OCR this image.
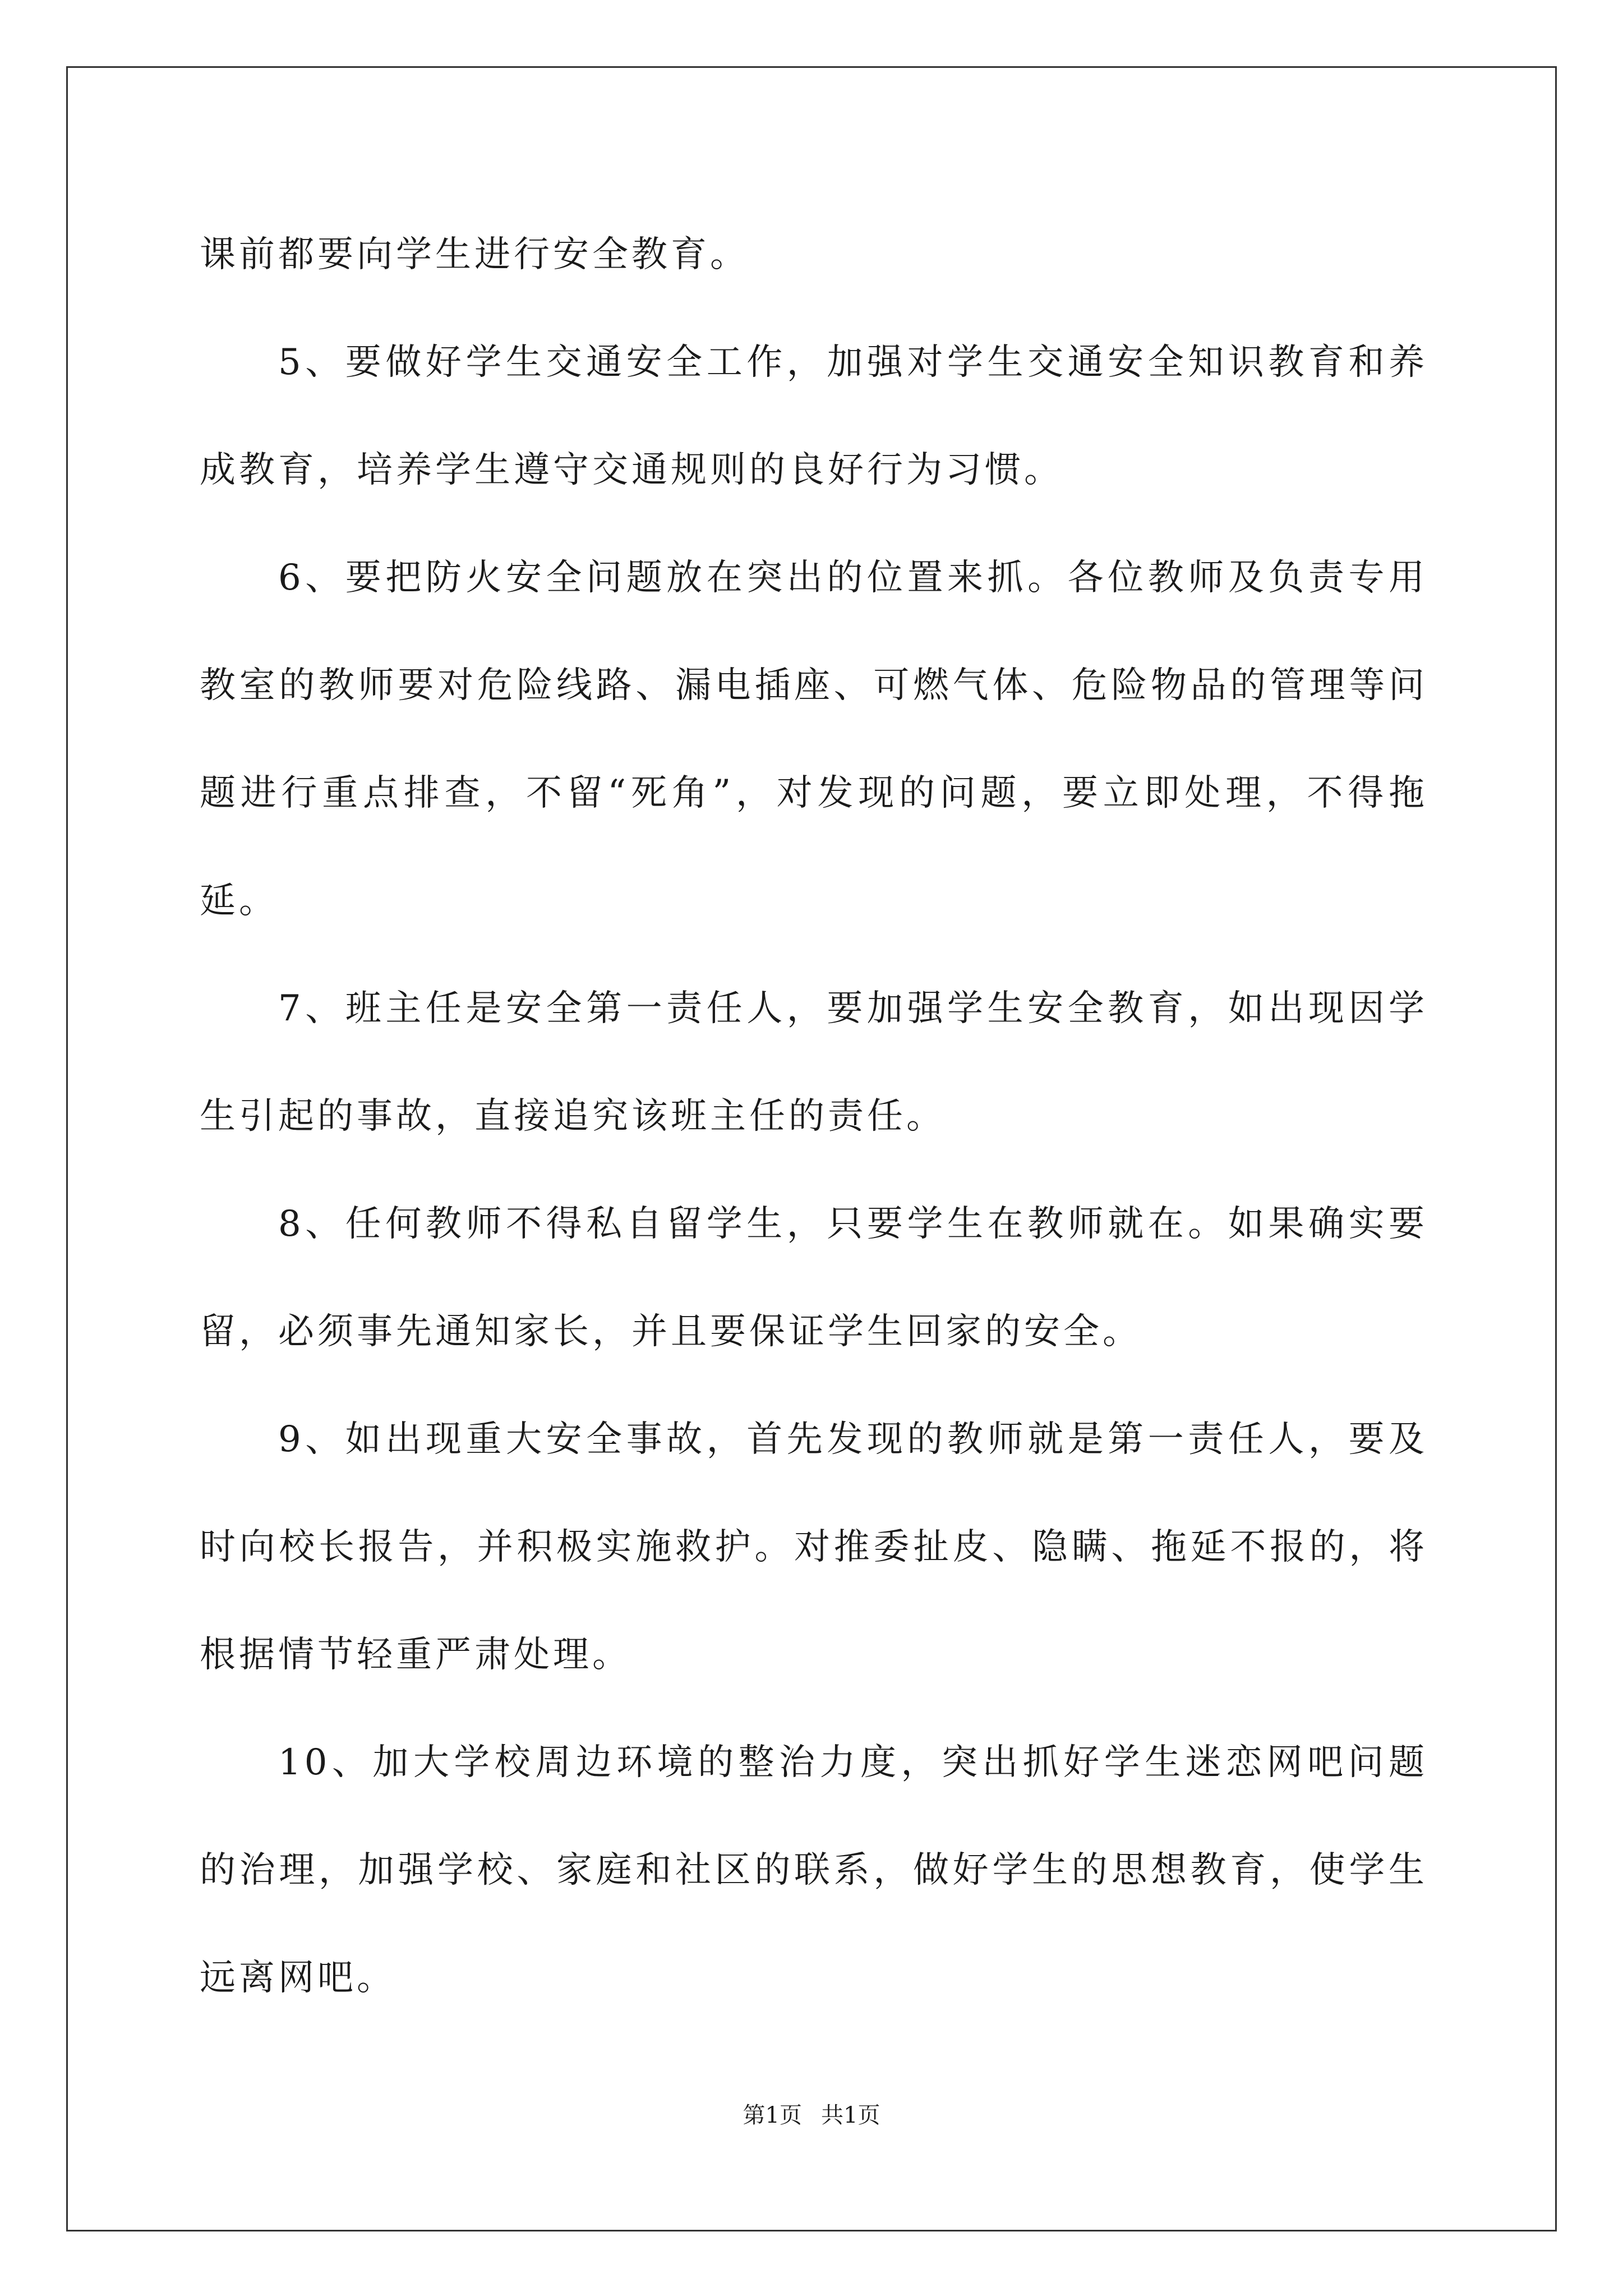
课前都要向学生进行安全教育。

5、要做好学生交通安全工作，加强对学生交通安全知识教育和养成教育，培养学生遵守交通规则的良好行为习惯。

6、要把防火安全问题放在突出的位置来抓。各位教师及负责专用教室的教师要对危险线路、漏电插座、可燃气体、危险物品的管理等问题进行重点排查，不留“死角”，对发现的问题，要立即处理，不得拖延。

7、班主任是安全第一责任人，要加强学生安全教育，如出现因学生引起的事故，直接追究该班主任的责任。

8、任何教师不得私自留学生，只要学生在教师就在。如果确实要留，必须事先通知家长，并且要保证学生回家的安全。

9、如出现重大安全事故，首先发现的教师就是第一责任人，要及时向校长报告，并积极实施救护。对推委扯皮、隐瞒、拖延不报的，将根据情节轻重严肃处理。

10、加大学校周边环境的整治力度，突出抓好学生迷恋网吧问题的治理，加强学校、家庭和社区的联系，做好学生的思想教育，使学生远离网吧。

第1页 共1页
